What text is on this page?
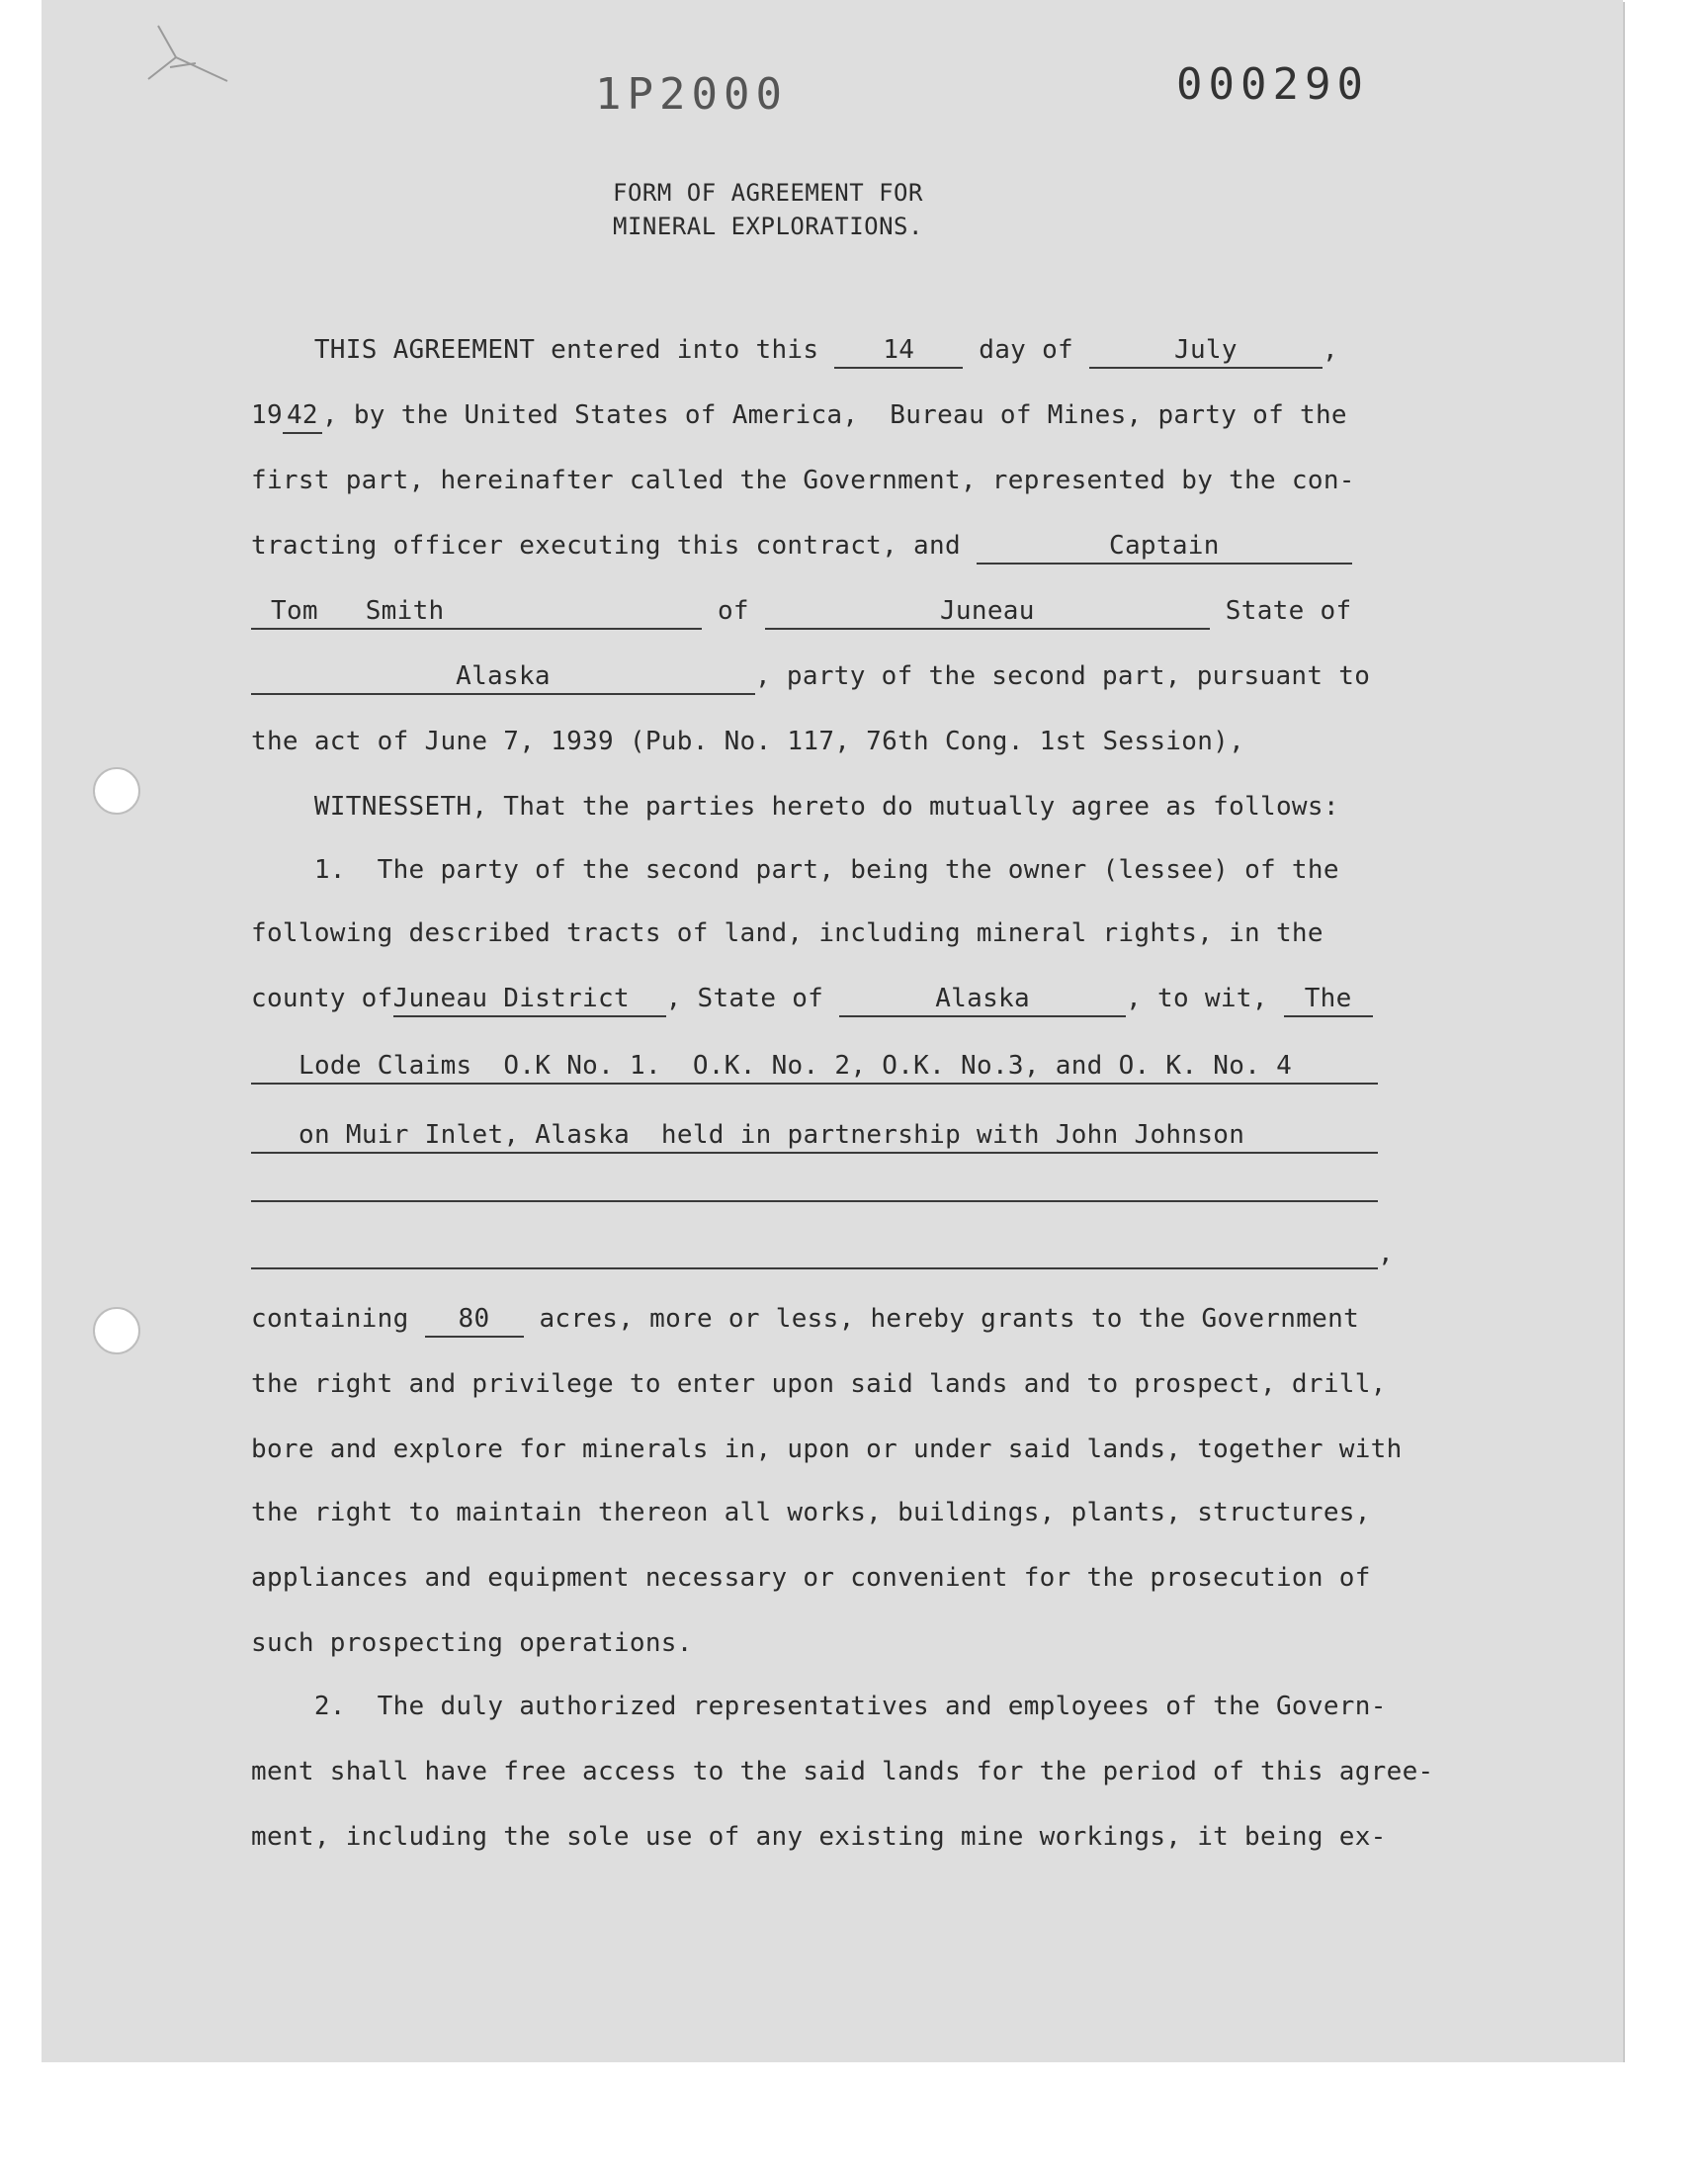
1P2000	000290
FORM OF AGREEMENT FOR
MINERAL EXPLORATIONS.
THIS AGREEMENT entered into this 14 day of	July	,
19 42 , by the United States of America,  Bureau of Mines, party of the
first part, hereinafter called the Government, represented by the con-
tracting officer executing this contract, and	Captain
Tom   Smith	of	Juneau	State of
Alaska	, party of the second part, pursuant to
the act of June 7, 1939 (Pub. No. 117, 76th Cong. 1st Session),
WITNESSETH, That the parties hereto do mutually agree as follows:
1.  The party of the second part, being the owner (lessee) of the
following described tracts of land, including mineral rights, in the
county ofJuneau District , State of	Alaska	, to wit, The
Lode Claims  O.K No. 1.  O.K. No. 2, O.K. No.3, and O. K. No. 4
on Muir Inlet, Alaska  held in partnership with John Johnson
,
containing 80 acres, more or less, hereby grants to the Government
the right and privilege to enter upon said lands and to prospect, drill,
bore and explore for minerals in, upon or under said lands, together with
the right to maintain thereon all works, buildings, plants, structures,
appliances and equipment necessary or convenient for the prosecution of
such prospecting operations.
2.  The duly authorized representatives and employees of the Govern-
ment shall have free access to the said lands for the period of this agree-
ment, including the sole use of any existing mine workings, it being ex-
